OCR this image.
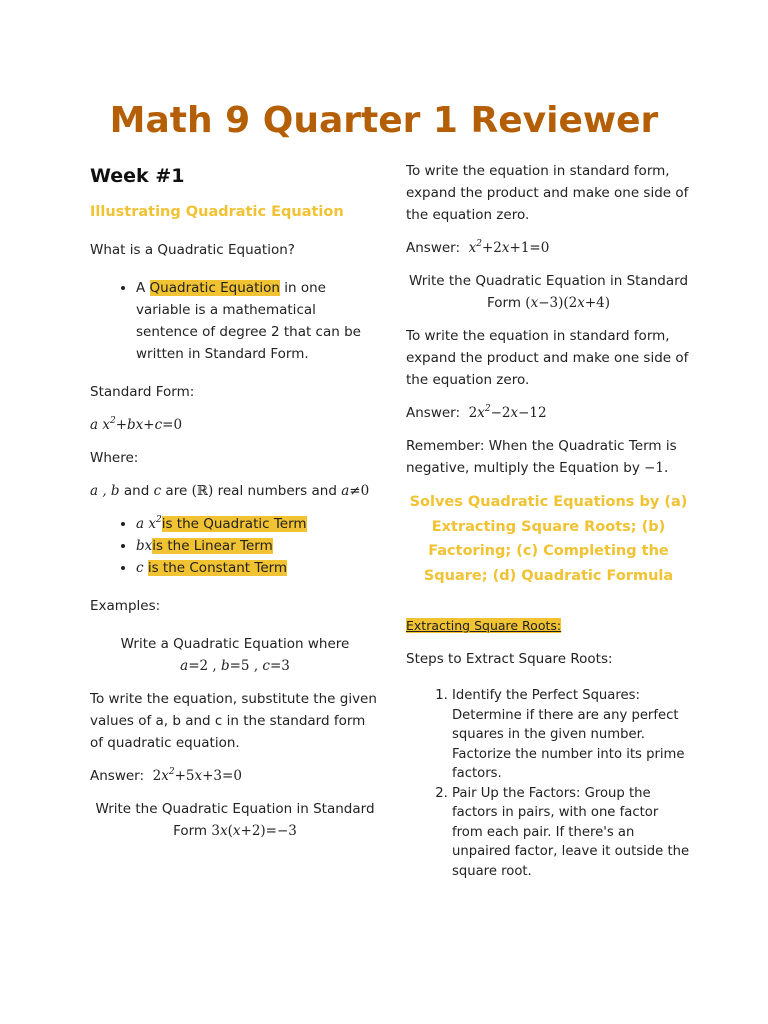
Math 9 Quarter 1 Reviewer
Week #1
Illustrating Quadratic Equation

What is a Quadratic Equation?

• A Quadratic Equation in one variable is a mathematical sentence of degree 2 that can be written in Standard Form.

Standard Form:

a $x^2+bx+c=0$

Where:

a , b and c are (ℝ) real numbers and a≠0

• a $x^2is$ the Quadratic Term
• bxis the Linear Term
• c is the Constant Term

Examples:

Write a Quadratic Equation where

a=2 , b=5 , c=3

To write the equation, substitute the given values of a, b and c in the standard form of quadratic equation.

Answer: $2x^2+5x+3=0$

Write the Quadratic Equation in Standard

Form 3x(x+2)=−3

To write the equation in standard form, expand the product and make one side of the equation zero.

Answer: $x^2+2x+1=0$

Write the Quadratic Equation in Standard

Form (x−3)(2x+4)

To write the equation in standard form, expand the product and make one side of the equation zero.

Answer: $2x^2-2x-12$

Remember: When the Quadratic Term is negative, multiply the Equation by −1.

Solves Quadratic Equations by (a) Extracting Square Roots; (b) Factoring; (c) Completing the Square; (d) Quadratic Formula

Extracting Square Roots:

Steps to Extract Square Roots:

1. Identify the Perfect Squares: Determine if there are any perfect squares in the given number. Factorize the number into its prime factors.
2. Pair Up the Factors: Group the factors in pairs, with one factor from each pair. If there's an unpaired factor, leave it outside the square root.
